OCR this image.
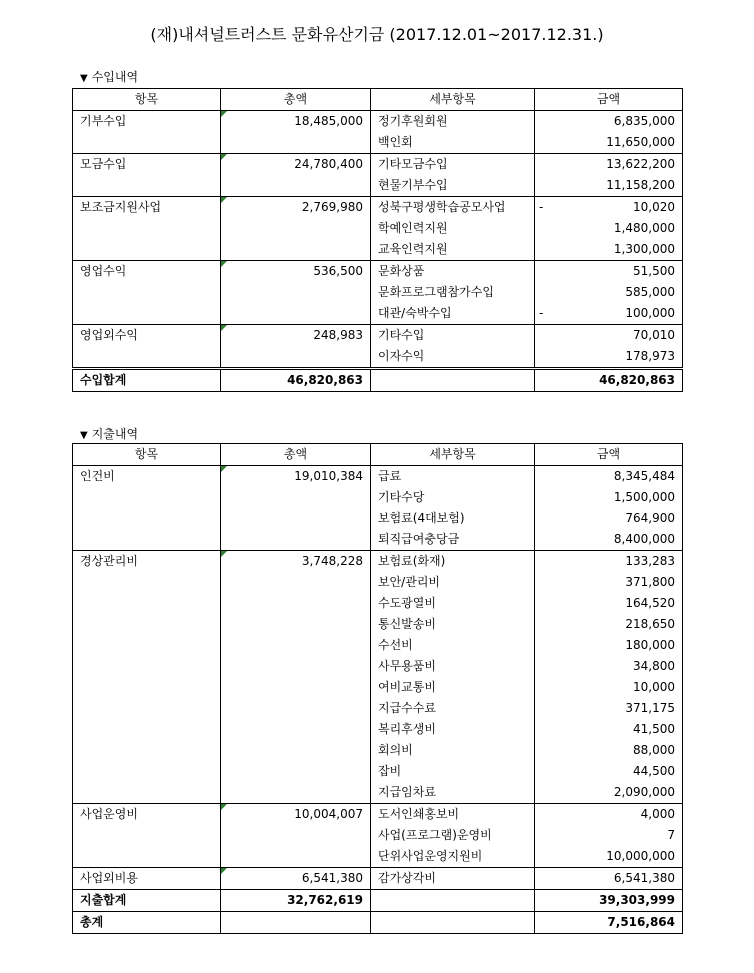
(재)내셔널트러스트 문화유산기금 (2017.12.01~2017.12.31.)
▼ 수입내역
항목	총액	세부항목	금액
기부수입	18,485,000	정기후원회원	6,835,000
		백인회	11,650,000
모금수입	24,780,400	기타모금수입	13,622,200
		현물기부수입	11,158,200
보조금지원사업	2,769,980	성북구평생학습공모사업	- 10,020
		학예인력지원	1,480,000
		교육인력지원	1,300,000
영업수익	536,500	문화상품	51,500
		문화프로그램참가수입	585,000
		대관/숙박수입	- 100,000
영업외수익	248,983	기타수입	70,010
		이자수익	178,973
수입합계	46,820,863		46,820,863
▼ 지출내역
항목	총액	세부항목	금액
인건비	19,010,384	급료	8,345,484
		기타수당	1,500,000
		보험료(4대보험)	764,900
		퇴직급여충당금	8,400,000
경상관리비	3,748,228	보험료(화재)	133,283
		보안/관리비	371,800
		수도광열비	164,520
		통신발송비	218,650
		수선비	180,000
		사무용품비	34,800
		여비교통비	10,000
		지급수수료	371,175
		복리후생비	41,500
		회의비	88,000
		잡비	44,500
		지급임차료	2,090,000
사업운영비	10,004,007	도서인쇄홍보비	4,000
		사업(프로그램)운영비	7
		단위사업운영지원비	10,000,000
사업외비용	6,541,380	감가상각비	6,541,380
지출합계	32,762,619		39,303,999
총계			7,516,864
